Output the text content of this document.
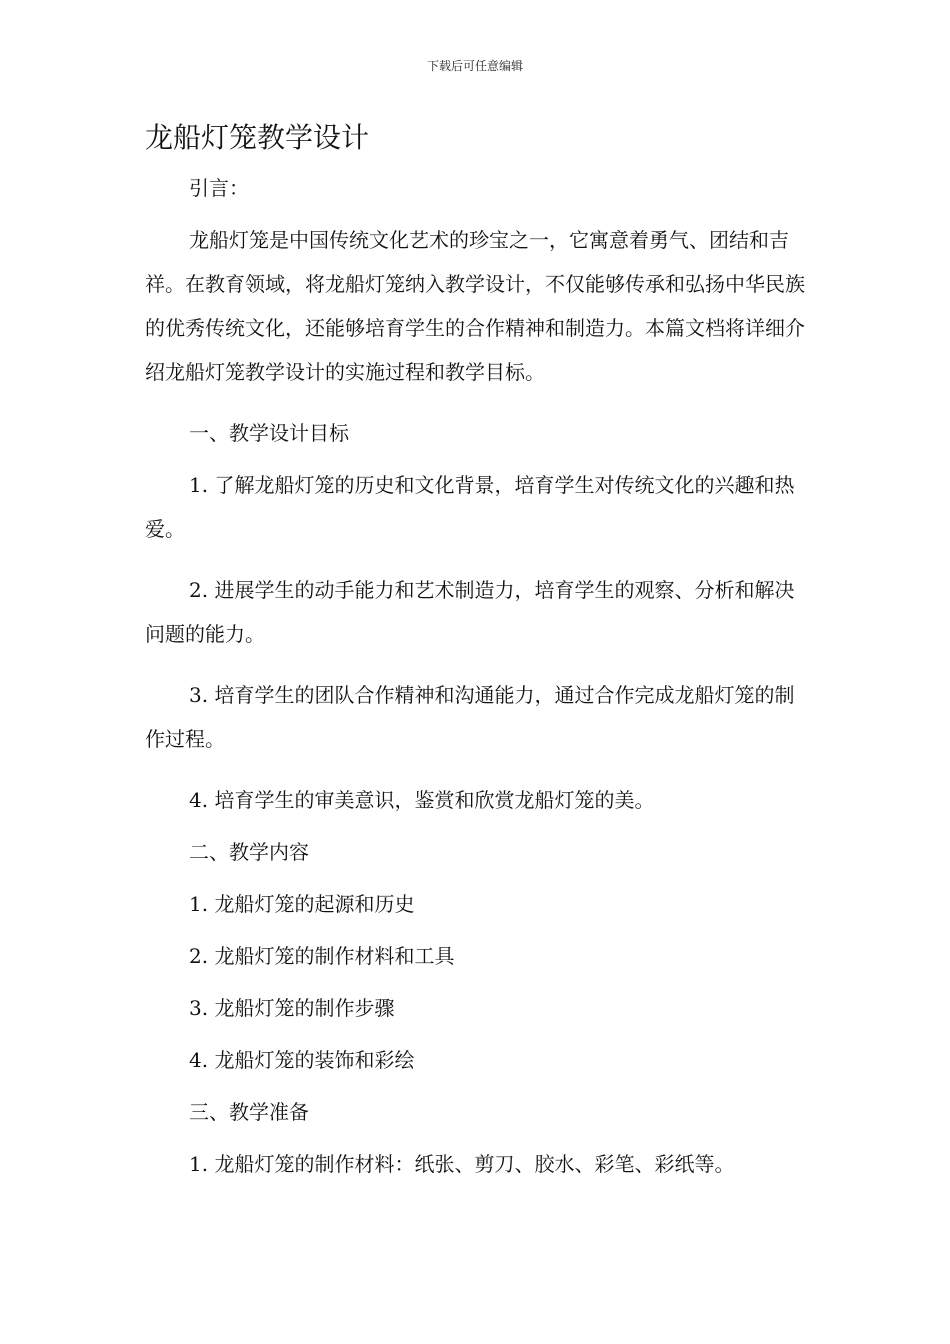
下载后可任意编辑
龙船灯笼教学设计

引言：

龙船灯笼是中国传统文化艺术的珍宝之一，它寓意着勇气、团结和吉祥。在教育领域，将龙船灯笼纳入教学设计，不仅能够传承和弘扬中华民族的优秀传统文化，还能够培育学生的合作精神和制造力。本篇文档将详细介绍龙船灯笼教学设计的实施过程和教学目标。

一、教学设计目标

1. 了解龙船灯笼的历史和文化背景，培育学生对传统文化的兴趣和热爱。

2. 进展学生的动手能力和艺术制造力，培育学生的观察、分析和解决问题的能力。

3. 培育学生的团队合作精神和沟通能力，通过合作完成龙船灯笼的制作过程。

4. 培育学生的审美意识，鉴赏和欣赏龙船灯笼的美。

二、教学内容

1. 龙船灯笼的起源和历史

2. 龙船灯笼的制作材料和工具

3. 龙船灯笼的制作步骤

4. 龙船灯笼的装饰和彩绘

三、教学准备

1. 龙船灯笼的制作材料：纸张、剪刀、胶水、彩笔、彩纸等。
